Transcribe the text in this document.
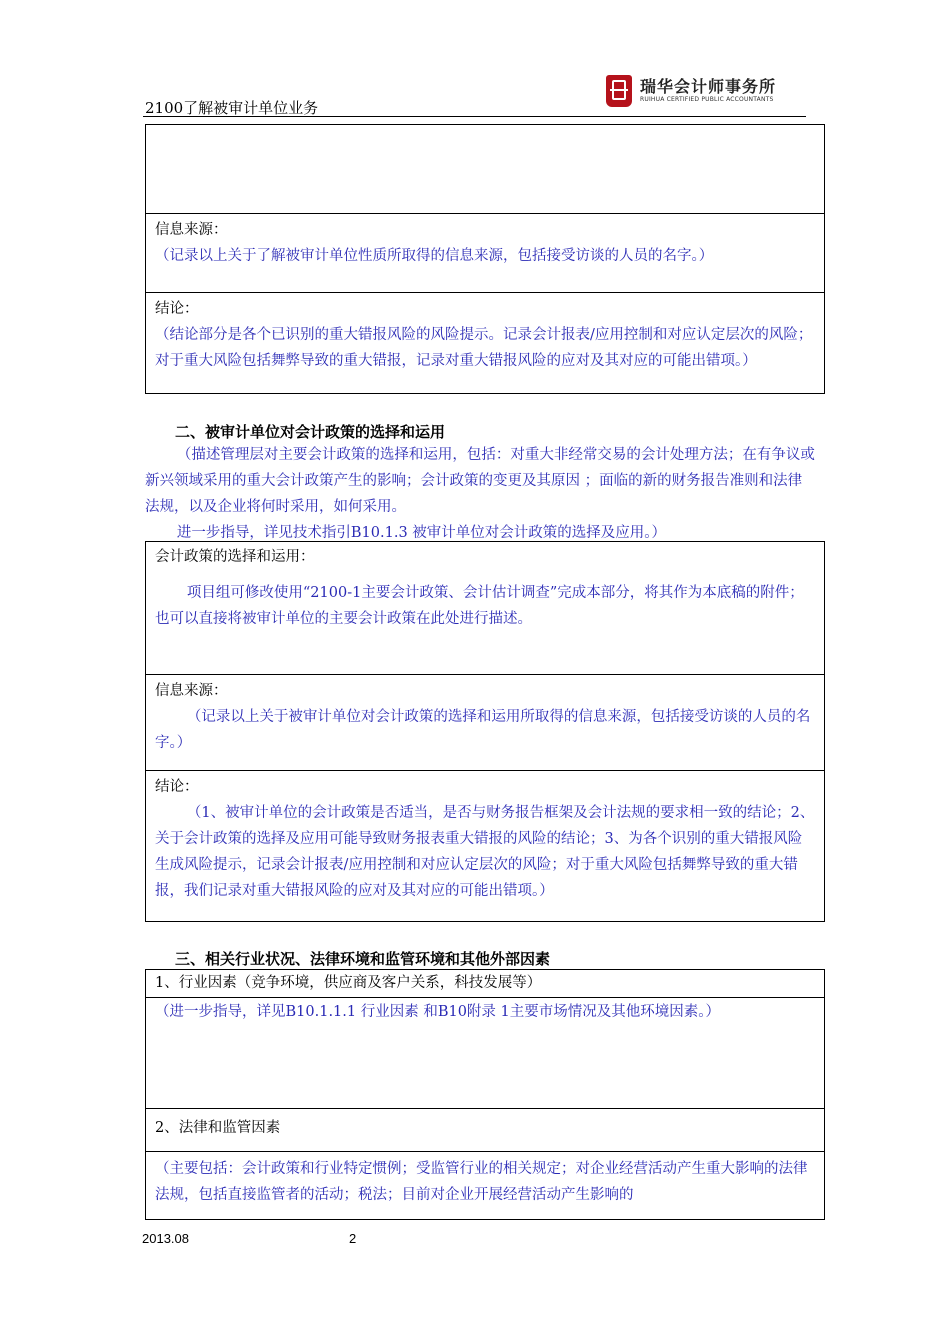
2100了解被审计单位业务
瑞华会计师事务所
RUIHUA CERTIFIED PUBLIC ACCOUNTANTS
信息来源：
（记录以上关于了解被审计单位性质所取得的信息来源，包括接受访谈的人员的名字。）
结论：
（结论部分是各个已识别的重大错报风险的风险提示。记录会计报表/应用控制和对应认定层次的风险；对于重大风险包括舞弊导致的重大错报，记录对重大错报风险的应对及其对应的可能出错项。）
二、被审计单位对会计政策的选择和运用
（描述管理层对主要会计政策的选择和运用，包括：对重大非经常交易的会计处理方法；在有争议或新兴领域采用的重大会计政策产生的影响；会计政策的变更及其原因 ；面临的新的财务报告准则和法律法规，以及企业将何时采用，如何采用。
进一步指导，详见技术指引B10.1.3 被审计单位对会计政策的选择及应用。）
会计政策的选择和运用：
项目组可修改使用“2100-1主要会计政策、会计估计调查”完成本部分，将其作为本底稿的附件；也可以直接将被审计单位的主要会计政策在此处进行描述。
信息来源：
（记录以上关于被审计单位对会计政策的选择和运用所取得的信息来源，包括接受访谈的人员的名字。）
结论：
（1、被审计单位的会计政策是否适当，是否与财务报告框架及会计法规的要求相一致的结论；2、关于会计政策的选择及应用可能导致财务报表重大错报的风险的结论；3、为各个识别的重大错报风险生成风险提示，记录会计报表/应用控制和对应认定层次的风险；对于重大风险包括舞弊导致的重大错报，我们记录对重大错报风险的应对及其对应的可能出错项。）
三、相关行业状况、法律环境和监管环境和其他外部因素
1、行业因素（竞争环境，供应商及客户关系，科技发展等）
（进一步指导，详见B10.1.1.1 行业因素 和B10附录 1主要市场情况及其他环境因素。）
2、法律和监管因素
（主要包括：会计政策和行业特定惯例；受监管行业的相关规定；对企业经营活动产生重大影响的法律法规，包括直接监管者的活动；税法；目前对企业开展经营活动产生影响的
2013.08	2
